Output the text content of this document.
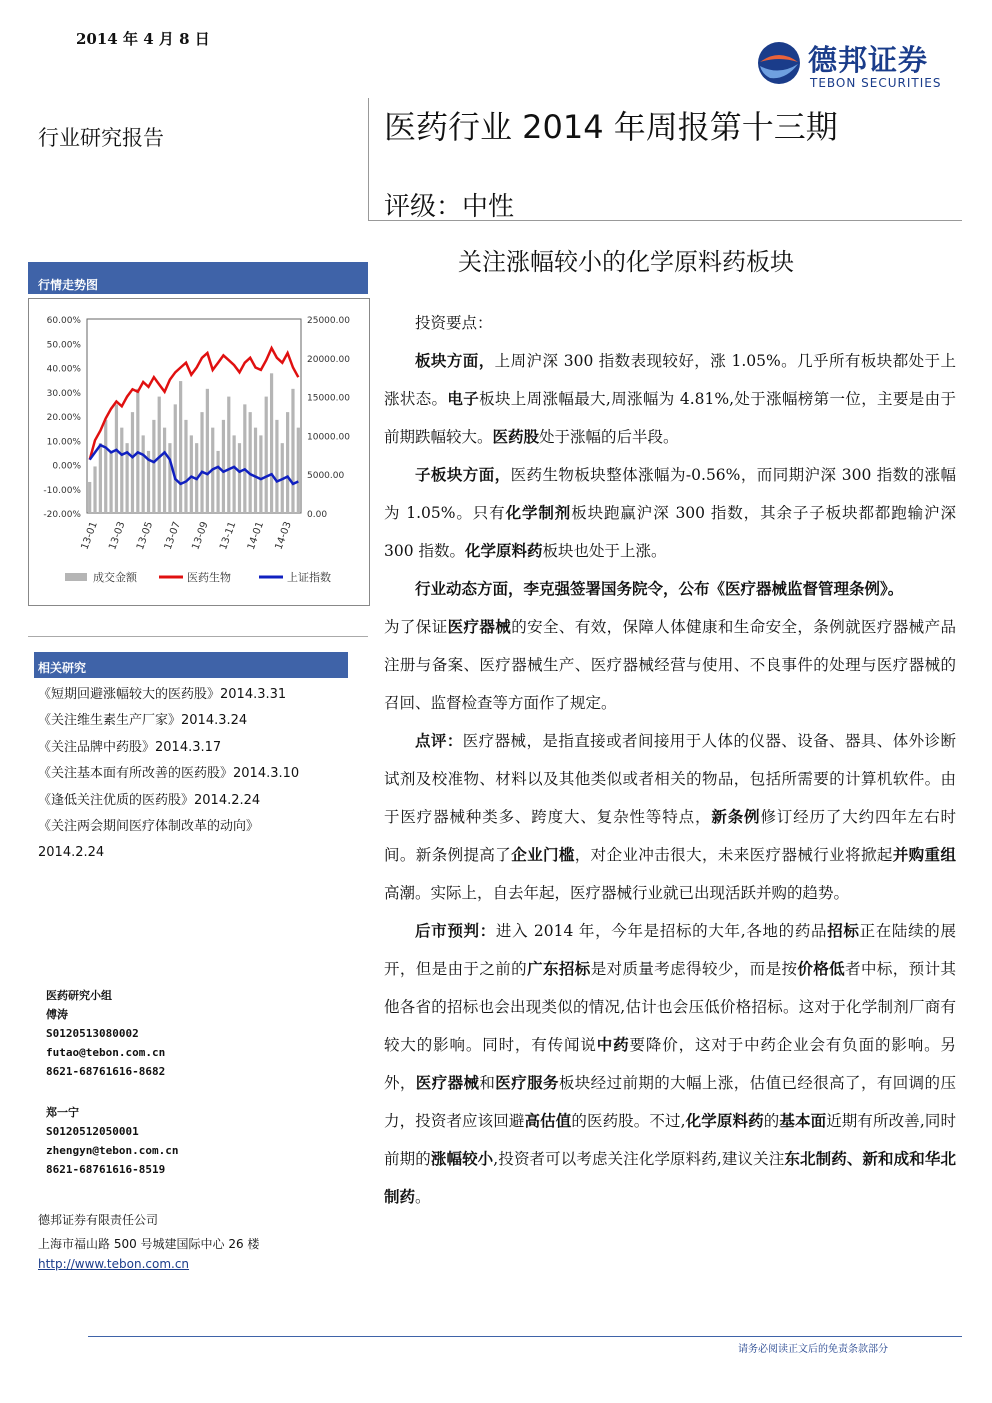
2014 年 4 月 8 日
德邦证券
TEBON SECURITIES
行业研究报告	医药行业 2014 年周报第十三期
评级：中性
关注涨幅较小的化学原料药板块
行情走势图
60.00%
50.00%
40.00%
30.00%
20.00%
10.00%
0.00%
-10.00%
-20.00%
25000.00
20000.00
15000.00
10000.00
5000.00
0.00
13-01 13-03 13-05 13-07 13-09 13-11 14-01 14-03
成交金额	医药生物	上证指数
相关研究
《短期回避涨幅较大的医药股》2014.3.31
《关注维生素生产厂家》2014.3.24
《关注品牌中药股》2014.3.17
《关注基本面有所改善的医药股》2014.3.10
《逢低关注优质的医药股》2014.2.24
《关注两会期间医疗体制改革的动向》
2014.2.24
医药研究小组
傅涛
S0120513080002
futao@tebon.com.cn
8621-68761616-8682
郑一宁
S0120512050001
zhengyn@tebon.com.cn
8621-68761616-8519
德邦证券有限责任公司
上海市福山路 500 号城建国际中心 26 楼
http://www.tebon.com.cn

投资要点：

板块方面，上周沪深 300 指数表现较好，涨 1.05%。几乎所有板块都处于上涨状态。电子板块上周涨幅最大,周涨幅为 4.81%,处于涨幅榜第一位，主要是由于前期跌幅较大。医药股处于涨幅的后半段。

子板块方面，医药生物板块整体涨幅为-0.56%，而同期沪深 300 指数的涨幅为 1.05%。只有化学制剂板块跑赢沪深 300 指数，其余子子板块都都跑输沪深 300 指数。化学原料药板块也处于上涨。

行业动态方面，李克强签署国务院令，公布《医疗器械监督管理条例》。

为了保证医疗器械的安全、有效，保障人体健康和生命安全，条例就医疗器械产品注册与备案、医疗器械生产、医疗器械经营与使用、不良事件的处理与医疗器械的召回、监督检查等方面作了规定。

点评：医疗器械，是指直接或者间接用于人体的仪器、设备、器具、体外诊断试剂及校准物、材料以及其他类似或者相关的物品，包括所需要的计算机软件。由于医疗器械种类多、跨度大、复杂性等特点，新条例修订经历了大约四年左右时间。新条例提高了企业门槛，对企业冲击很大，未来医疗器械行业将掀起并购重组高潮。实际上，自去年起，医疗器械行业就已出现活跃并购的趋势。

后市预判：进入 2014 年，今年是招标的大年,各地的药品招标正在陆续的展开，但是由于之前的广东招标是对质量考虑得较少，而是按价格低者中标，预计其他各省的招标也会出现类似的情况,估计也会压低价格招标。这对于化学制剂厂商有较大的影响。同时，有传闻说中药要降价，这对于中药企业会有负面的影响。另外，医疗器械和医疗服务板块经过前期的大幅上涨，估值已经很高了，有回调的压力，投资者应该回避高估值的医药股。不过,化学原料药的基本面近期有所改善,同时前期的涨幅较小,投资者可以考虑关注化学原料药,建议关注东北制药、新和成和华北制药。

请务必阅读正文后的免责条款部分
